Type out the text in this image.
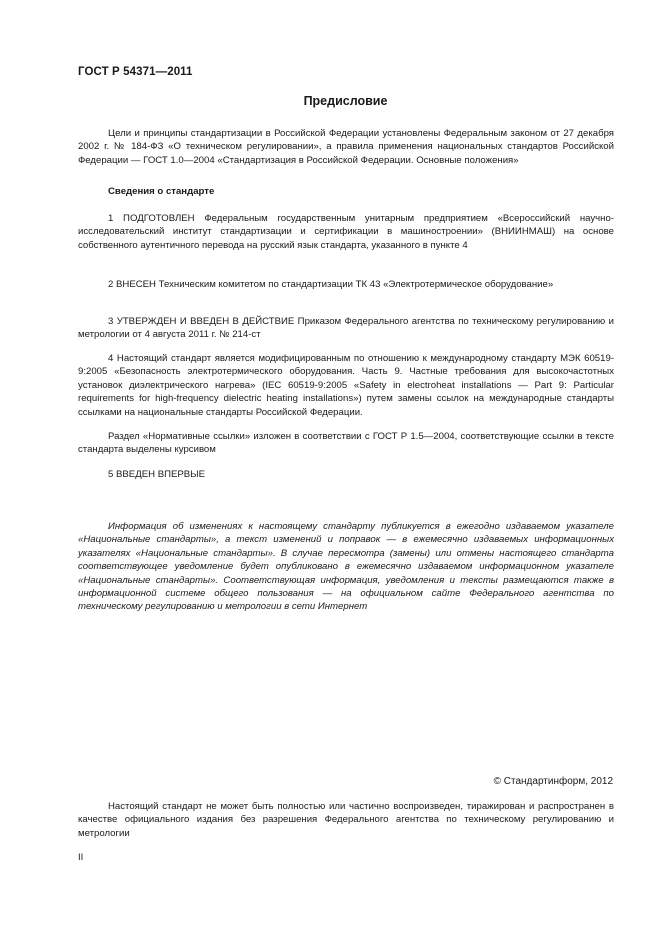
ГОСТ Р 54371—2011
Предисловие
Цели и принципы стандартизации в Российской Федерации установлены Федеральным законом от 27 декабря 2002 г. № 184-ФЗ «О техническом регулировании», а правила применения национальных стандартов Российской Федерации — ГОСТ 1.0—2004 «Стандартизация в Российской Федерации. Основные положения»
Сведения о стандарте
1 ПОДГОТОВЛЕН Федеральным государственным унитарным предприятием «Всероссийский научно-исследовательский институт стандартизации и сертификации в машиностроении» (ВНИИНМАШ) на основе собственного аутентичного перевода на русский язык стандарта, указанного в пункте 4
2 ВНЕСЕН Техническим комитетом по стандартизации ТК 43 «Электротермическое оборудование»
3 УТВЕРЖДЕН И ВВЕДЕН В ДЕЙСТВИЕ Приказом Федерального агентства по техническому регулированию и метрологии от 4 августа 2011 г. № 214-ст
4 Настоящий стандарт является модифицированным по отношению к международному стандарту МЭК 60519-9:2005 «Безопасность электротермического оборудования. Часть 9. Частные требования для высокочастотных установок диэлектрического нагрева» (IEC 60519-9:2005 «Safety in electroheat installations — Part 9: Particular requirements for high-frequency dielectric heating installations») путем замены ссылок на международные стандарты ссылками на национальные стандарты Российской Федерации.
Раздел «Нормативные ссылки» изложен в соответствии с ГОСТ Р 1.5—2004, соответствующие ссылки в тексте стандарта выделены курсивом
5 ВВЕДЕН ВПЕРВЫЕ
Информация об изменениях к настоящему стандарту публикуется в ежегодно издаваемом указателе «Национальные стандарты», а текст изменений и поправок — в ежемесячно издаваемых информационных указателях «Национальные стандарты». В случае пересмотра (замены) или отмены настоящего стандарта соответствующее уведомление будет опубликовано в ежемесячно издаваемом информационном указателе «Национальные стандарты». Соответствующая информация, уведомления и тексты размещаются также в информационной системе общего пользования — на официальном сайте Федерального агентства по техническому регулированию и метрологии в сети Интернет
© Стандартинформ, 2012
Настоящий стандарт не может быть полностью или частично воспроизведен, тиражирован и распространен в качестве официального издания без разрешения Федерального агентства по техническому регулированию и метрологии
II
